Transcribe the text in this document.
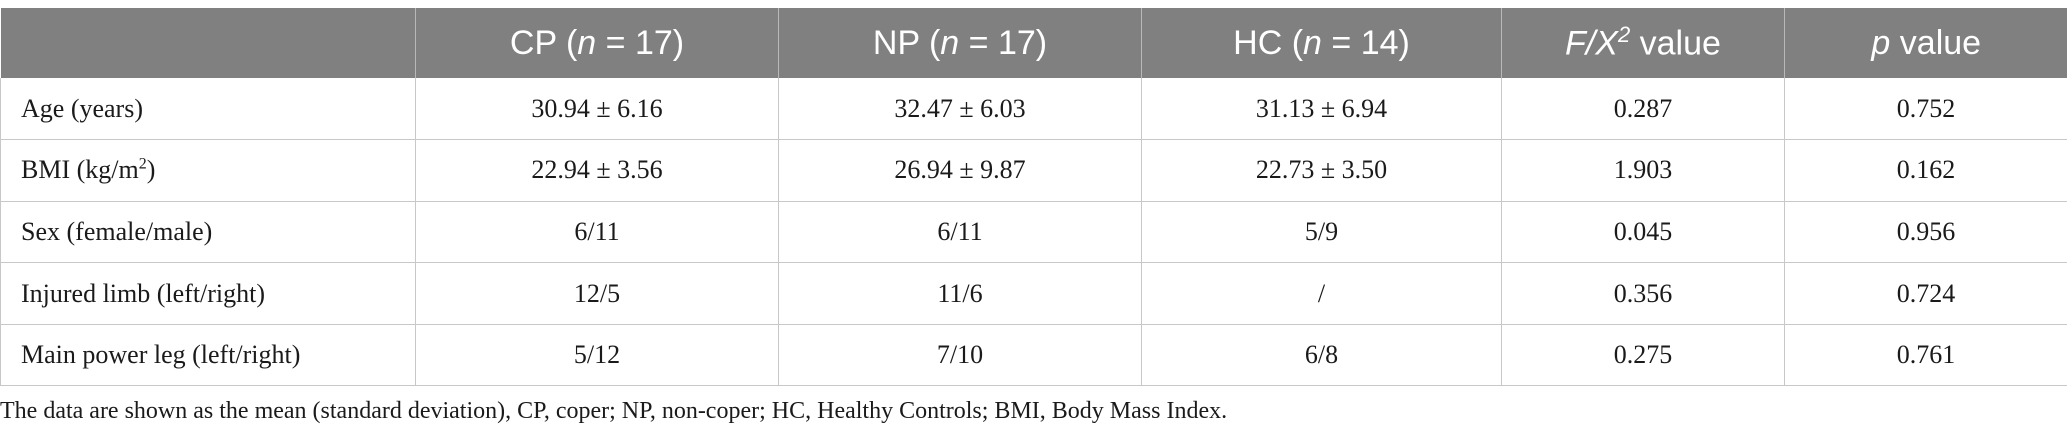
	CP (n = 17)	NP (n = 17)	HC (n = 14)	$F/X^2$ value	p value
Age (years)	30.94 ± 6.16	32.47 ± 6.03	31.13 ± 6.94	0.287	0.752
BMI $(kg/m^2)$	22.94 ± 3.56	26.94 ± 9.87	22.73 ± 3.50	1.903	0.162
Sex (female/male)	6/11	6/11	5/9	0.045	0.956
Injured limb (left/right)	12/5	11/6	/	0.356	0.724
Main power leg (left/right)	5/12	7/10	6/8	0.275	0.761
The data are shown as the mean (standard deviation), CP, coper; NP, non-coper; HC, Healthy Controls; BMI, Body Mass Index.
